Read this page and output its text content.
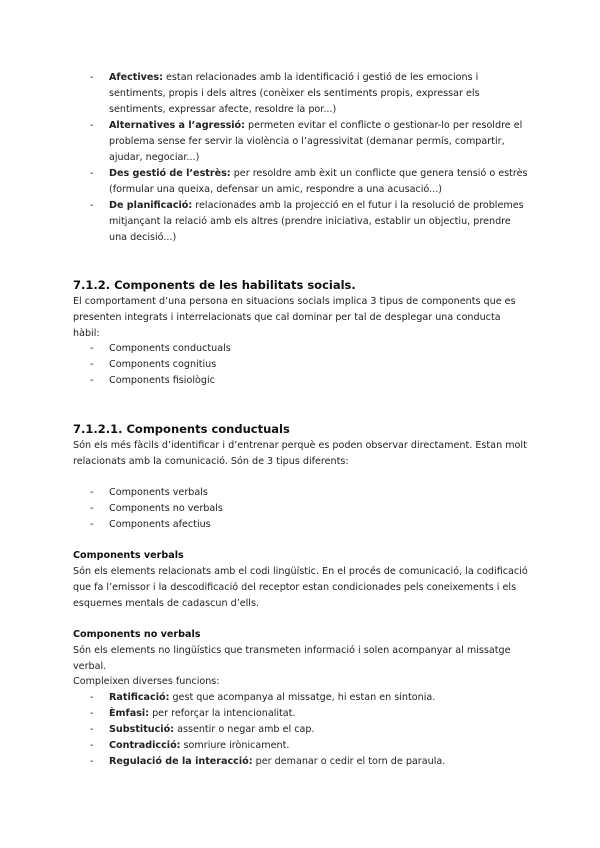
- Afectives: estan relacionades amb la identificació i gestió de les emocions i sentiments, propis i dels altres (conèixer els sentiments propis, expressar els sentiments, expressar afecte, resoldre la por...)
- Alternatives a l’agressió: permeten evitar el conflicte o gestionar-lo per resoldre el problema sense fer servir la violència o l’agressivitat (demanar permís, compartir, ajudar, negociar...)
- Des gestió de l’estrès: per resoldre amb èxit un conflicte que genera tensió o estrès (formular una queixa, defensar un amic, respondre a una acusació...)
- De planificació: relacionades amb la projecció en el futur i la resolució de problemes mitjançant la relació amb els altres (prendre iniciativa, establir un objectiu, prendre una decisió...)
7.1.2. Components de les habilitats socials.
El comportament d’una persona en situacions socials implica 3 tipus de components que es presenten integrats i interrelacionats que cal dominar per tal de desplegar una conducta hàbil:
- Components conductuals
- Components cognitius
- Components fisiològic
7.1.2.1. Components conductuals
Són els més fàcils d’identificar i d’entrenar perquè es poden observar directament. Estan molt relacionats amb la comunicació. Són de 3 tipus diferents:
- Components verbals
- Components no verbals
- Components afectius
Components verbals
Són els elements relacionats amb el codi lingüístic. En el procés de comunicació, la codificació que fa l’emissor i la descodificació del receptor estan condicionades pels coneixements i els esquemes mentals de cadascun d’ells.
Components no verbals
Són els elements no lingüístics que transmeten informació i solen acompanyar al missatge verbal.
Compleixen diverses funcions:
- Ratificació: gest que acompanya al missatge, hi estan en sintonia.
- Èmfasi: per reforçar la intencionalitat.
- Substitució: assentir o negar amb el cap.
- Contradicció: somriure irònicament.
- Regulació de la interacció: per demanar o cedir el torn de paraula.
